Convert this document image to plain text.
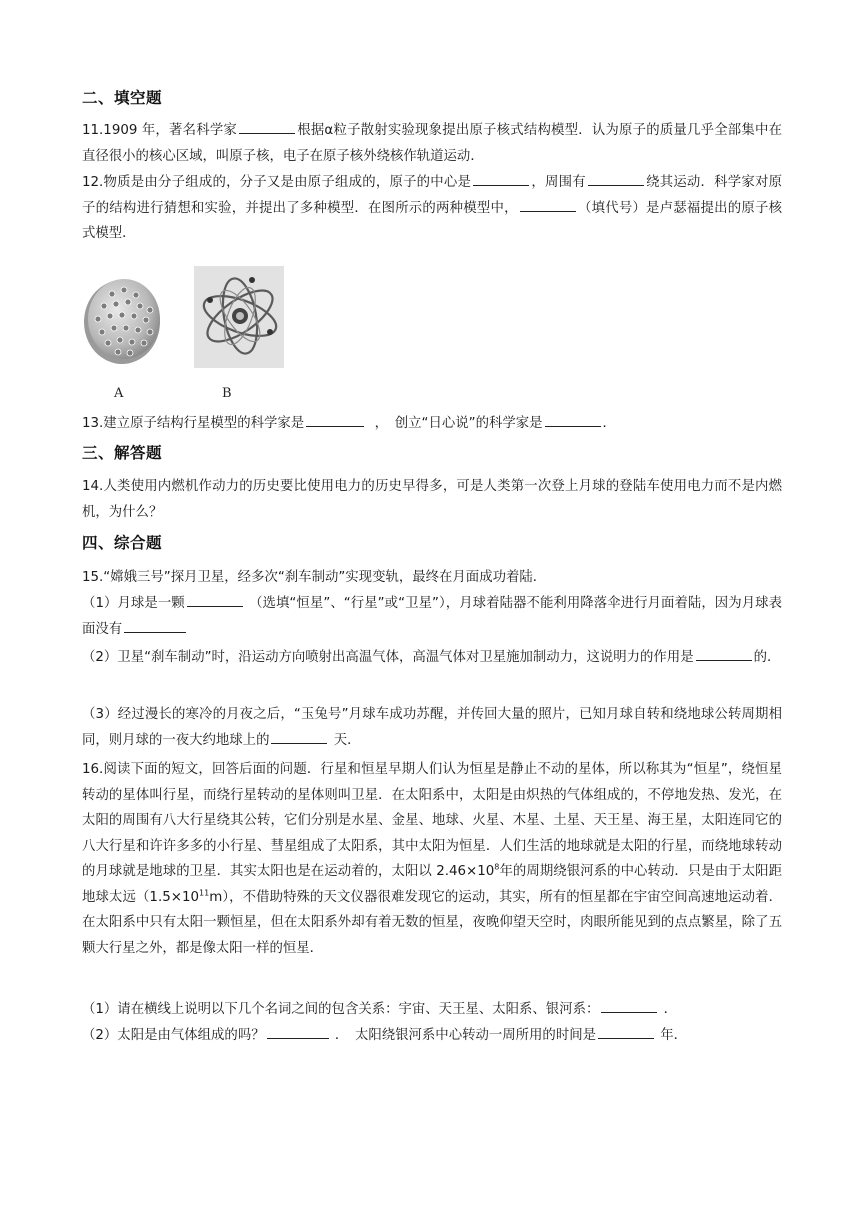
二、填空题
11.1909 年，著名科学家	根据α粒子散射实验现象提出原子核式结构模型．认为原子的质量几乎全部集中在直径很小的核心区域，叫原子核，电子在原子核外绕核作轨道运动．
12.物质是由分子组成的，分子又是由原子组成的，原子的中心是	，周围有	绕其运动．科学家对原子的结构进行猜想和实验，并提出了多种模型．在图所示的两种模型中，	（填代号）是卢瑟福提出的原子核式模型．
A	B
13.建立原子结构行星模型的科学家是	，　创立“日心说”的科学家是	．
三、解答题
14.人类使用内燃机作动力的历史要比使用电力的历史早得多，可是人类第一次登上月球的登陆车使用电力而不是内燃机，为什么？
四、综合题
15.“嫦娥三号”探月卫星，经多次“刹车制动”实现变轨，最终在月面成功着陆．
（1）月球是一颗	（选填“恒星”、“行星”或“卫星”），月球着陆器不能利用降落伞进行月面着陆，因为月球表面没有
（2）卫星“刹车制动”时，沿运动方向喷射出高温气体，高温气体对卫星施加制动力，这说明力的作用是	的．
（3）经过漫长的寒冷的月夜之后，“玉兔号”月球车成功苏醒，并传回大量的照片，已知月球自转和绕地球公转周期相同，则月球的一夜大约地球上的	天．
16.阅读下面的短文，回答后面的问题．行星和恒星早期人们认为恒星是静止不动的星体，所以称其为“恒星”，绕恒星转动的星体叫行星，而绕行星转动的星体则叫卫星．在太阳系中，太阳是由炽热的气体组成的，不停地发热、发光，在太阳的周围有八大行星绕其公转，它们分别是水星、金星、地球、火星、木星、土星、天王星、海王星，太阳连同它的八大行星和许许多多的小行星、彗星组成了太阳系，其中太阳为恒星．人们生活的地球就是太阳的行星，而绕地球转动的月球就是地球的卫星．其实太阳也是在运动着的，太阳以 $2.46\times 10^8$年的周期绕银河系的中心转动．只是由于太阳距地球太远$(1.5\times 10^{11}m)$，不借助特殊的天文仪器很难发现它的运动，其实，所有的恒星都在宇宙空间高速地运动着．在太阳系中只有太阳一颗恒星，但在太阳系外却有着无数的恒星，夜晚仰望天空时，肉眼所能见到的点点繁星，除了五颗大行星之外，都是像太阳一样的恒星．
（1）请在横线上说明以下几个名词之间的包含关系：宇宙、天王星、太阳系、银河系：	．
（2）太阳是由气体组成的吗？	．　太阳绕银河系中心转动一周所用的时间是	年．
